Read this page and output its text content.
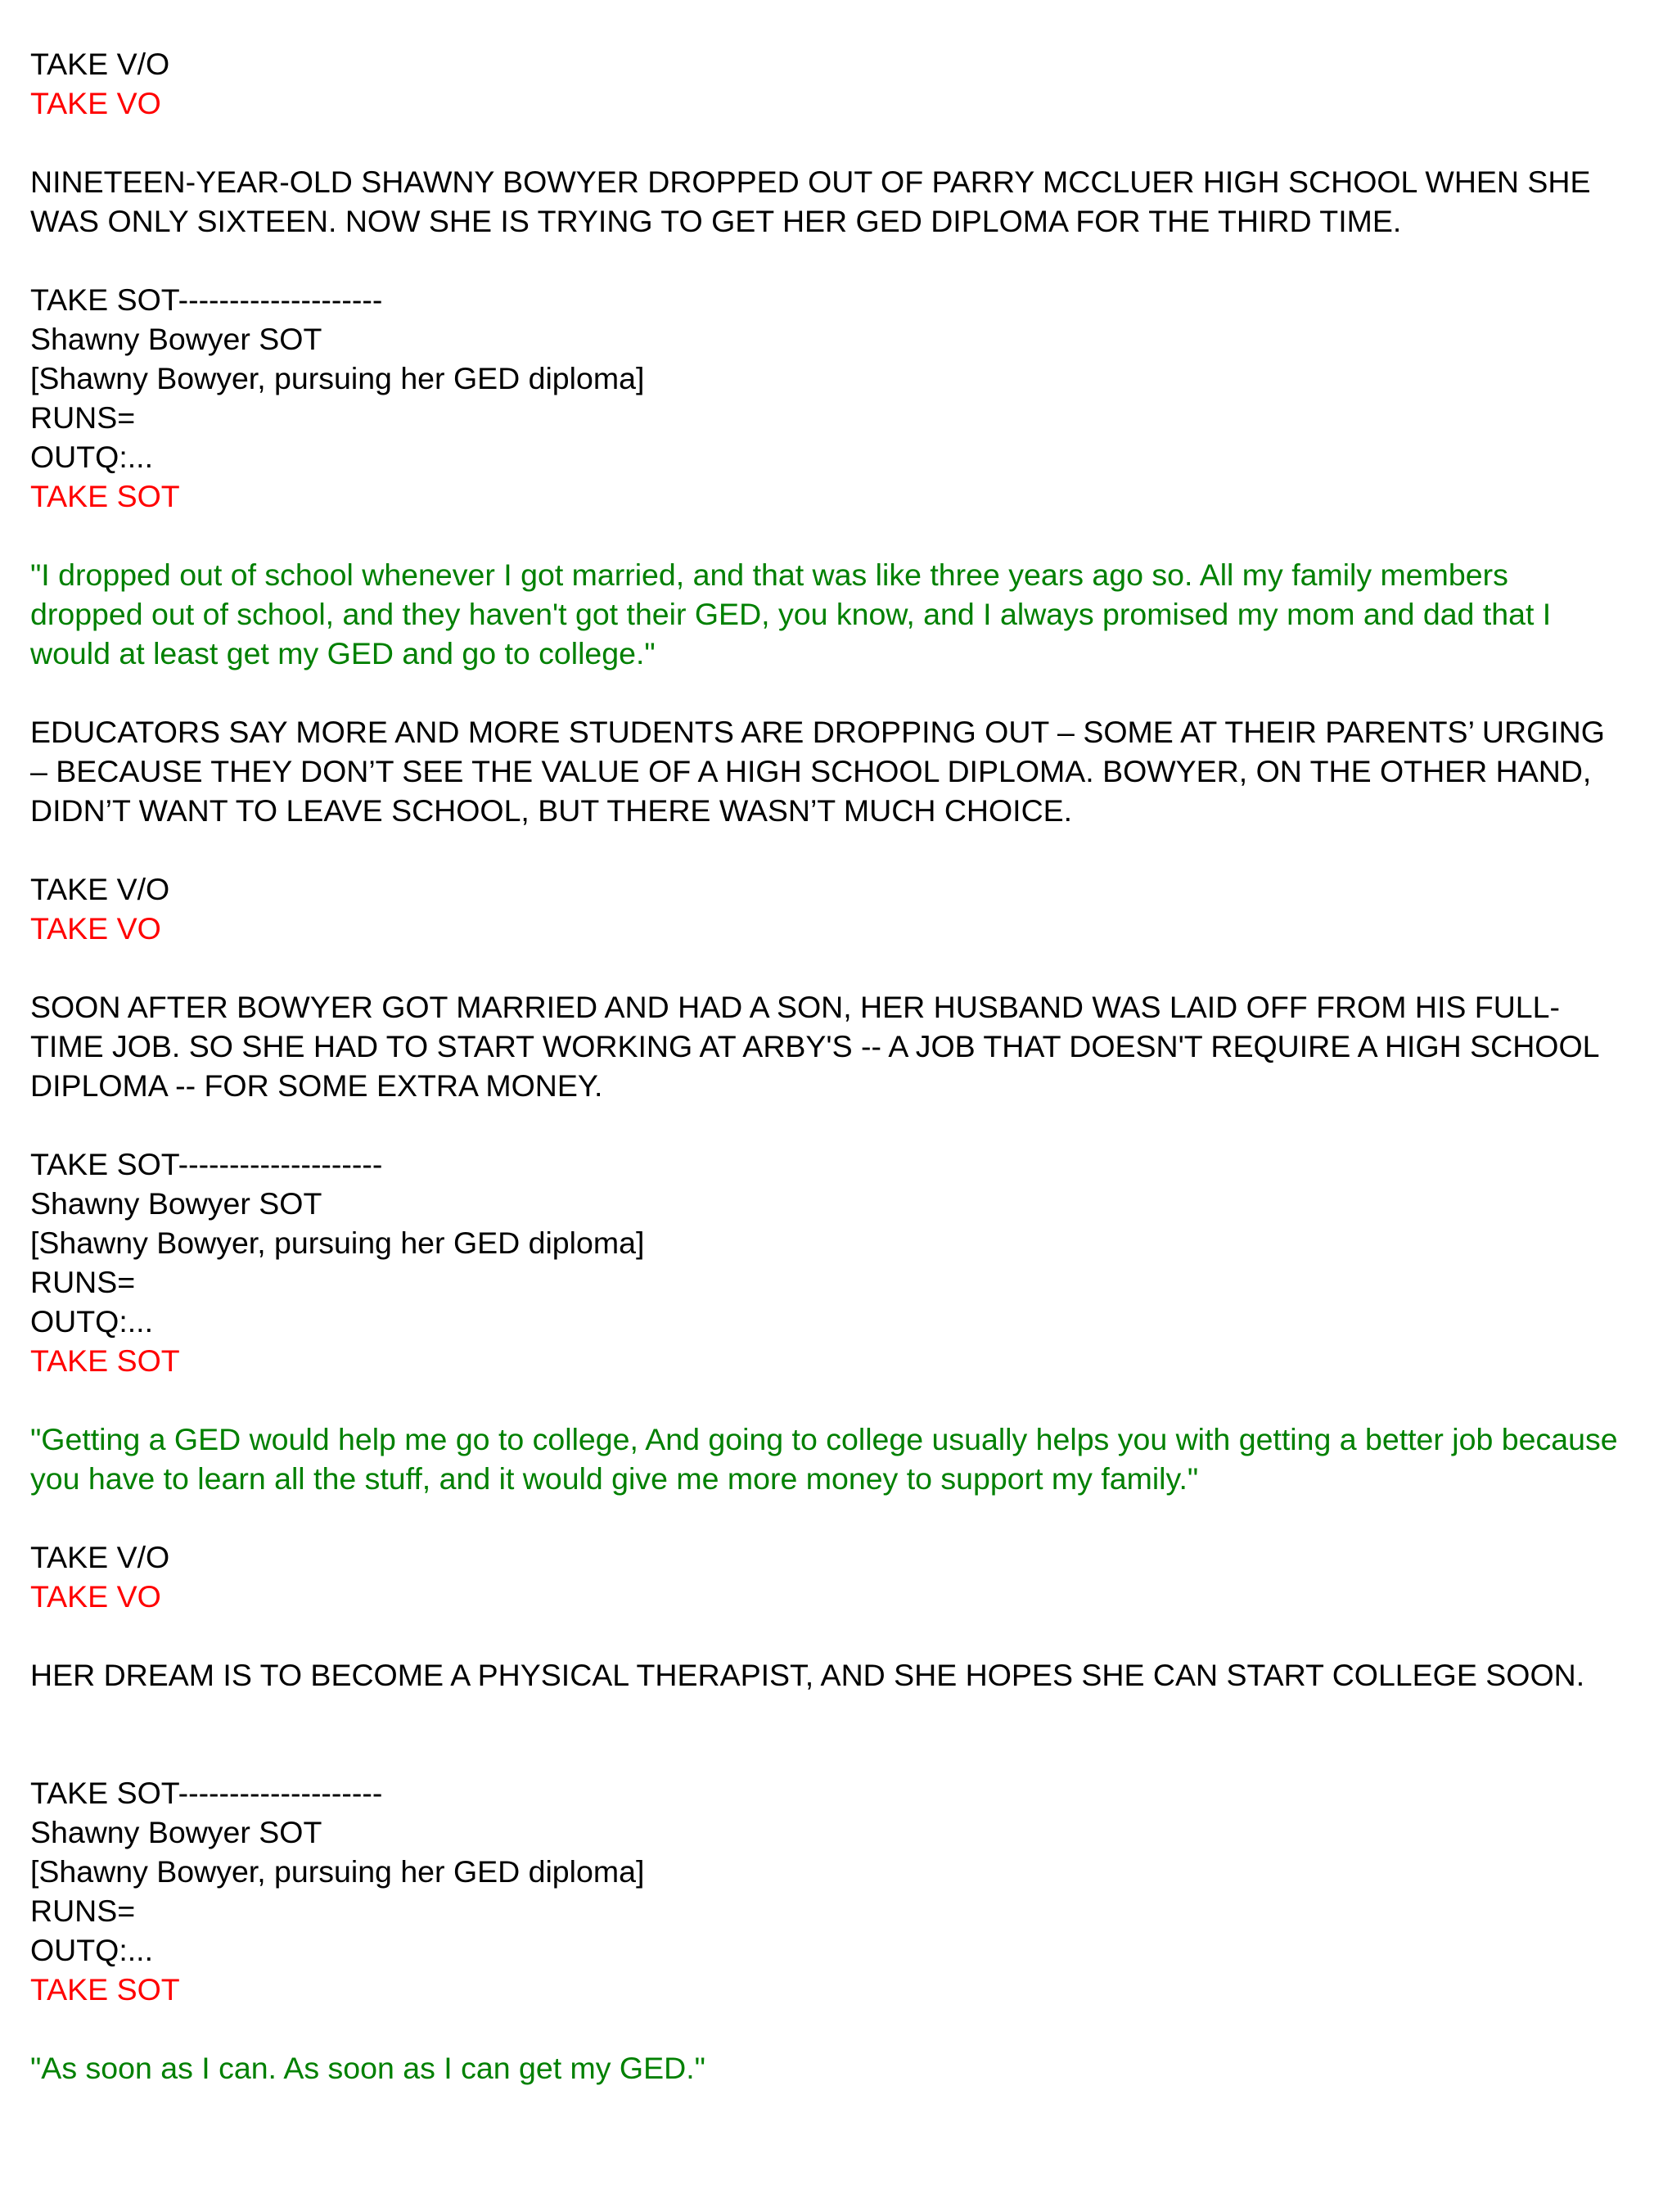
TAKE V/O
TAKE VO
NINETEEN-YEAR-OLD SHAWNY BOWYER DROPPED OUT OF PARRY MCCLUER HIGH SCHOOL WHEN SHE WAS ONLY SIXTEEN. NOW SHE IS TRYING TO GET HER GED DIPLOMA FOR THE THIRD TIME.
TAKE SOT--------------------
Shawny Bowyer SOT
[Shawny Bowyer, pursuing her GED diploma]
RUNS=
OUTQ:...
TAKE SOT
"I dropped out of school whenever I got married, and that was like three years ago so. All my family members dropped out of school, and they haven't got their GED, you know, and I always promised my mom and dad that I would at least get my GED and go to college."
EDUCATORS SAY MORE AND MORE STUDENTS ARE DROPPING OUT – SOME AT THEIR PARENTS’ URGING – BECAUSE THEY DON’T SEE THE VALUE OF A HIGH SCHOOL DIPLOMA. BOWYER, ON THE OTHER HAND, DIDN’T WANT TO LEAVE SCHOOL, BUT THERE WASN’T MUCH CHOICE.
TAKE V/O
TAKE VO
SOON AFTER BOWYER GOT MARRIED AND HAD A SON, HER HUSBAND WAS LAID OFF FROM HIS FULL-TIME JOB. SO SHE HAD TO START WORKING AT ARBY'S -- A JOB THAT DOESN'T REQUIRE A HIGH SCHOOL DIPLOMA -- FOR SOME EXTRA MONEY.
TAKE SOT--------------------
Shawny Bowyer SOT
[Shawny Bowyer, pursuing her GED diploma]
RUNS=
OUTQ:...
TAKE SOT
"Getting a GED would help me go to college, And going to college usually helps you with getting a better job because you have to learn all the stuff, and it would give me more money to support my family."
TAKE V/O
TAKE VO
HER DREAM IS TO BECOME A PHYSICAL THERAPIST, AND SHE HOPES SHE CAN START COLLEGE SOON.
TAKE SOT--------------------
Shawny Bowyer SOT
[Shawny Bowyer, pursuing her GED diploma]
RUNS=
OUTQ:...
TAKE SOT
"As soon as I can. As soon as I can get my GED."
